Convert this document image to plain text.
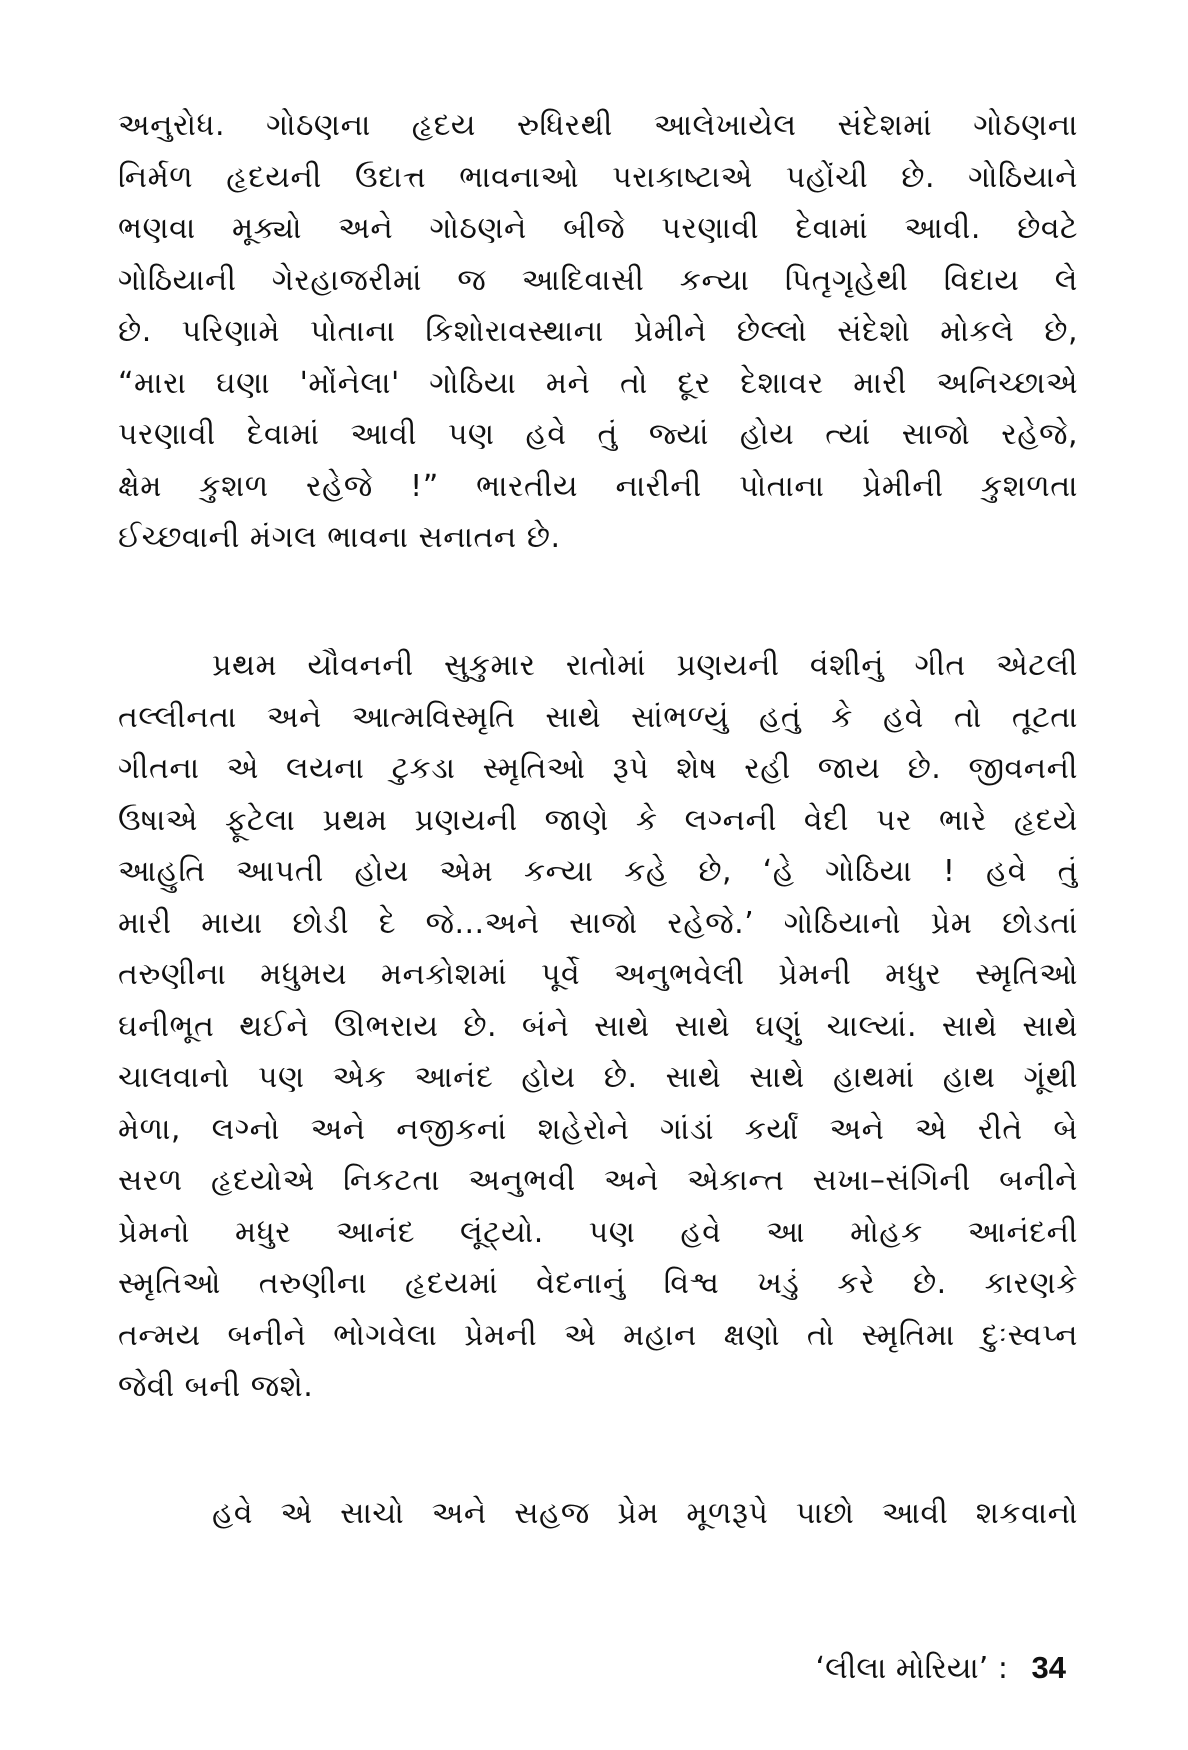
અનુરોધ. ગોઠણના હૃદય રુધિરથી આલેખાયેલ સંદેશમાં ગોઠણના
નિર્મળ હૃદયની ઉદાત્ત ભાવનાઓ પરાકાષ્ટાએ પહોંચી છે. ગોઠિયાને
ભણવા મૂક્યો અને ગોઠણને બીજે પરણાવી દેવામાં આવી. છેવટે
ગોઠિયાની ગેરહાજરીમાં જ આદિવાસી કન્યા પિતૃગૃહેથી વિદાય લે
છે. પરિણામે પોતાના કિશોરાવસ્થાના પ્રેમીને છેલ્લો સંદેશો મોકલે છે,
“મારા ઘણા 'મોંનેલા' ગોઠિયા મને તો દૂર દેશાવર મારી અનિચ્છાએ
પરણાવી દેવામાં આવી પણ હવે તું જ્યાં હોય ત્યાં સાજો રહેજે,
ક્ષેમ કુશળ રહેજે !” ભારતીય નારીની પોતાના પ્રેમીની કુશળતા
ઈચ્છવાની મંગલ ભાવના સનાતન છે.
પ્રથમ યૌવનની સુકુમાર રાતોમાં પ્રણયની વંશીનું ગીત એટલી
તલ્લીનતા અને આત્મવિસ્મૃતિ સાથે સાંભળ્યું હતું કે હવે તો તૂટતા
ગીતના એ લયના ટુકડા સ્મૃતિઓ રૂપે શેષ રહી જાય છે. જીવનની
ઉષાએ ફૂટેલા પ્રથમ પ્રણયની જાણે કે લગ્નની વેદી પર ભારે હૃદયે
આહુતિ આપતી હોય એમ કન્યા કહે છે, ‘હે ગોઠિયા ! હવે તું
મારી માયા છોડી દે જે...અને સાજો રહેજે.’ ગોઠિયાનો પ્રેમ છોડતાં
તરુણીના મધુમય મનકોશમાં પૂર્વે અનુભવેલી પ્રેમની મધુર સ્મૃતિઓ
ઘનીભૂત થઈને ઊભરાય છે. બંને સાથે સાથે ઘણું ચાલ્યાં. સાથે સાથે
ચાલવાનો પણ એક આનંદ હોય છે. સાથે સાથે હાથમાં હાથ ગૂંથી
મેળા, લગ્નો અને નજીકનાં શહેરોને ગાંડાં કર્યાં અને એ રીતે બે
સરળ હૃદયોએ નિકટતા અનુભવી અને એકાન્ત સખા–સંગિની બનીને
પ્રેમનો મધુર આનંદ લૂંટ્યો. પણ હવે આ મોહક આનંદની
સ્મૃતિઓ તરુણીના હૃદયમાં વેદનાનું વિશ્વ ખડું કરે છે. કારણકે
તન્મય બનીને ભોગવેલા પ્રેમની એ મહાન ક્ષણો તો સ્મૃતિમા દુઃસ્વપ્ન
જેવી બની જશે.
હવે એ સાચો અને સહજ પ્રેમ મૂળરૂપે પાછો આવી શકવાનો
‘લીલા મોરિયા’ : 34
